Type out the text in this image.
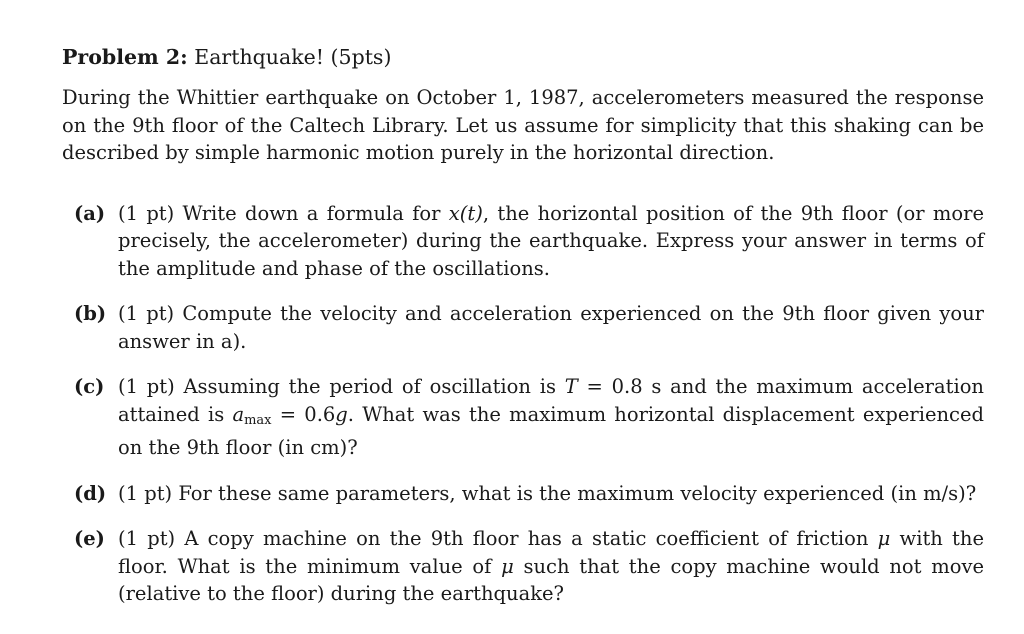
Problem 2: Earthquake! (5pts)

During the Whittier earthquake on October 1, 1987, accelerometers measured the response on the 9th floor of the Caltech Library. Let us assume for simplicity that this shaking can be described by simple harmonic motion purely in the horizontal direction.

(a) (1 pt) Write down a formula for x(t), the horizontal position of the 9th floor (or more precisely, the accelerometer) during the earthquake. Express your answer in terms of the amplitude and phase of the oscillations.
(b) (1 pt) Compute the velocity and acceleration experienced on the 9th floor given your answer in a).
(c) (1 pt) Assuming the period of oscillation is T = 0.8 s and the maximum acceleration attained is $a_{max} = 0.6g$. What was the maximum horizontal displacement experienced on the 9th floor (in cm)?
(d) (1 pt) For these same parameters, what is the maximum velocity experienced (in m/s)?
(e) (1 pt) A copy machine on the 9th floor has a static coefficient of friction μ with the floor. What is the minimum value of μ such that the copy machine would not move (relative to the floor) during the earthquake?
